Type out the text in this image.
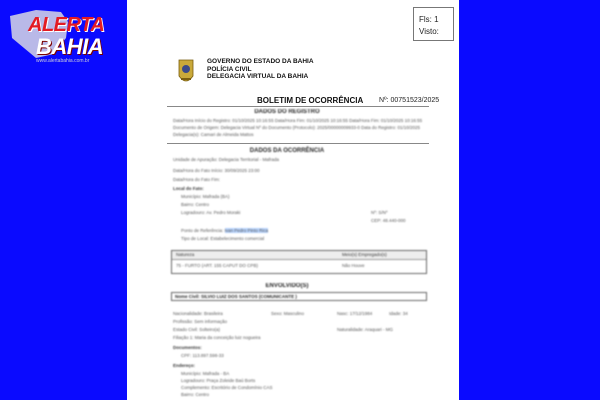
ALERTA
BAHIA
www.alertabahia.com.br	GOVERNO DO ESTADO DA BAHIA
POLÍCIA CIVIL
DELEGACIA VIRTUAL DA BAHIA
BOLETIM DE OCORRÊNCIA Nº: 00751523/2025
DADOS DO REGISTRO
Data/Hora Início do Registro: 01/10/2025 10:16:55 Data/Hora Fim: 01/10/2025 10:16:55 Data/Hora Fim: 01/10/2025 10:16:55
Documento de Origem: Delegacia Virtual Nº do Documento (Protocolo): 2025/00000009933-0 Data do Registro: 01/10/2025
Delegacia(s): Camari de Almeida Mattos
DADOS DA OCORRÊNCIA
Unidade de Apuração: Delegacia Territorial - Mafrada
Data/Hora do Fato Início: 30/09/2025 23:00
Data/Hora do Fato Fim:
Local do Fato:
Município: Mafrada (BA)
Bairro: Centro
Logradouro: Av. Pedro Moraki	Nº: S/Nº
CEP: 48.440-000
Ponto de Referência: Ivan Pedro Pinto Rica
Tipo de Local: Estabelecimento comercial
Natureza	Meio(s) Empregado(s)
75 - FURTO (ART. 155 CAPUT DO CPB)	Não Houve
ENVOLVIDO(S)
Nome Civil: SILVIO LUIZ DOS SANTOS (COMUNICANTE )
Nacionalidade: Brasileira	Sexo: Masculino	Nasc: 17/12/1984	Idade: 34
Profissão: Sem informação
Estado Civil: Solteiro(a)	Naturalidade: Araquari - MG
Filiação 1: Maria da conceição luiz nogueira
Documentos:
CPF: 113.897.598-33
Endereço:
Município: Mafrada - BA
Logradouro: Praça Zoleide Baú Borts
Complemento: Escritório de Condomínio CAS
Bairro: Centro
Fls: 1
Visto:
